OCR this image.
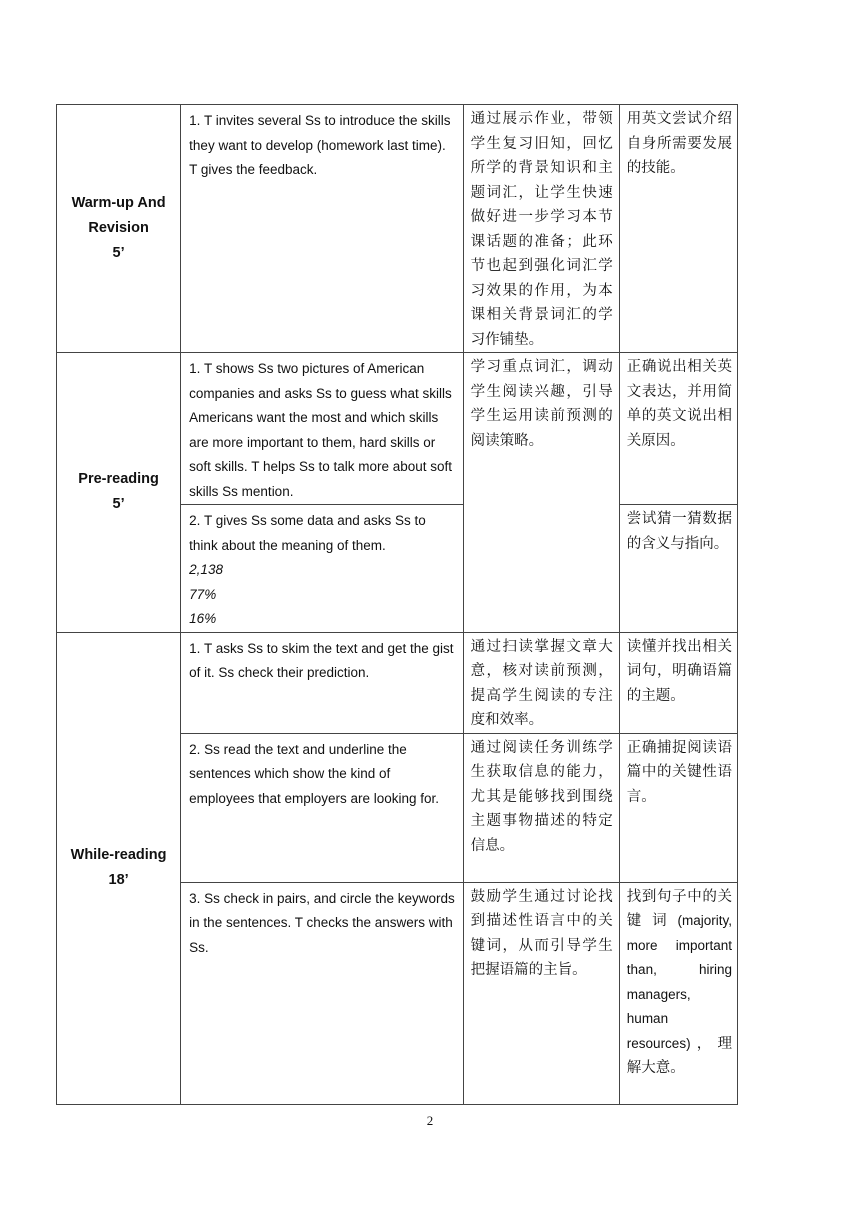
Warm-up And Revision
5’	1. T invites several Ss to introduce the skills they want to develop (homework last time). T gives the feedback.	通过展示作业，带领学生复习旧知，回忆所学的背景知识和主题词汇，让学生快速做好进一步学习本节课话题的准备；此环节也起到强化词汇学习效果的作用，为本课相关背景词汇的学习作铺垫。	用英文尝试介绍自身所需要发展的技能。

Pre-reading
5’	1. T shows Ss two pictures of American companies and asks Ss to guess what skills Americans want the most and which skills are more important to them, hard skills or soft skills. T helps Ss to talk more about soft skills Ss mention.	学习重点词汇，调动学生阅读兴趣，引导学生运用读前预测的阅读策略。	正确说出相关英文表达，并用简单的英文说出相关原因。
	2. T gives Ss some data and asks Ss to think about the meaning of them.
2,138
77%
16%		尝试猜一猜数据的含义与指向。

While-reading
18’	1. T asks Ss to skim the text and get the gist of it. Ss check their prediction.	通过扫读掌握文章大意，核对读前预测，提高学生阅读的专注度和效率。	读懂并找出相关词句，明确语篇的主题。
	2. Ss read the text and underline the sentences which show the kind of employees that employers are looking for.	通过阅读任务训练学生获取信息的能力，尤其是能够找到围绕主题事物描述的特定信息。	正确捕捉阅读语篇中的关键性语言。
	3. Ss check in pairs, and circle the keywords in the sentences. T checks the answers with Ss.	鼓励学生通过讨论找到描述性语言中的关键词，从而引导学生把握语篇的主旨。	找到句子中的关键词(majority, more important than, hiring managers, human resources)，理解大意。
2
